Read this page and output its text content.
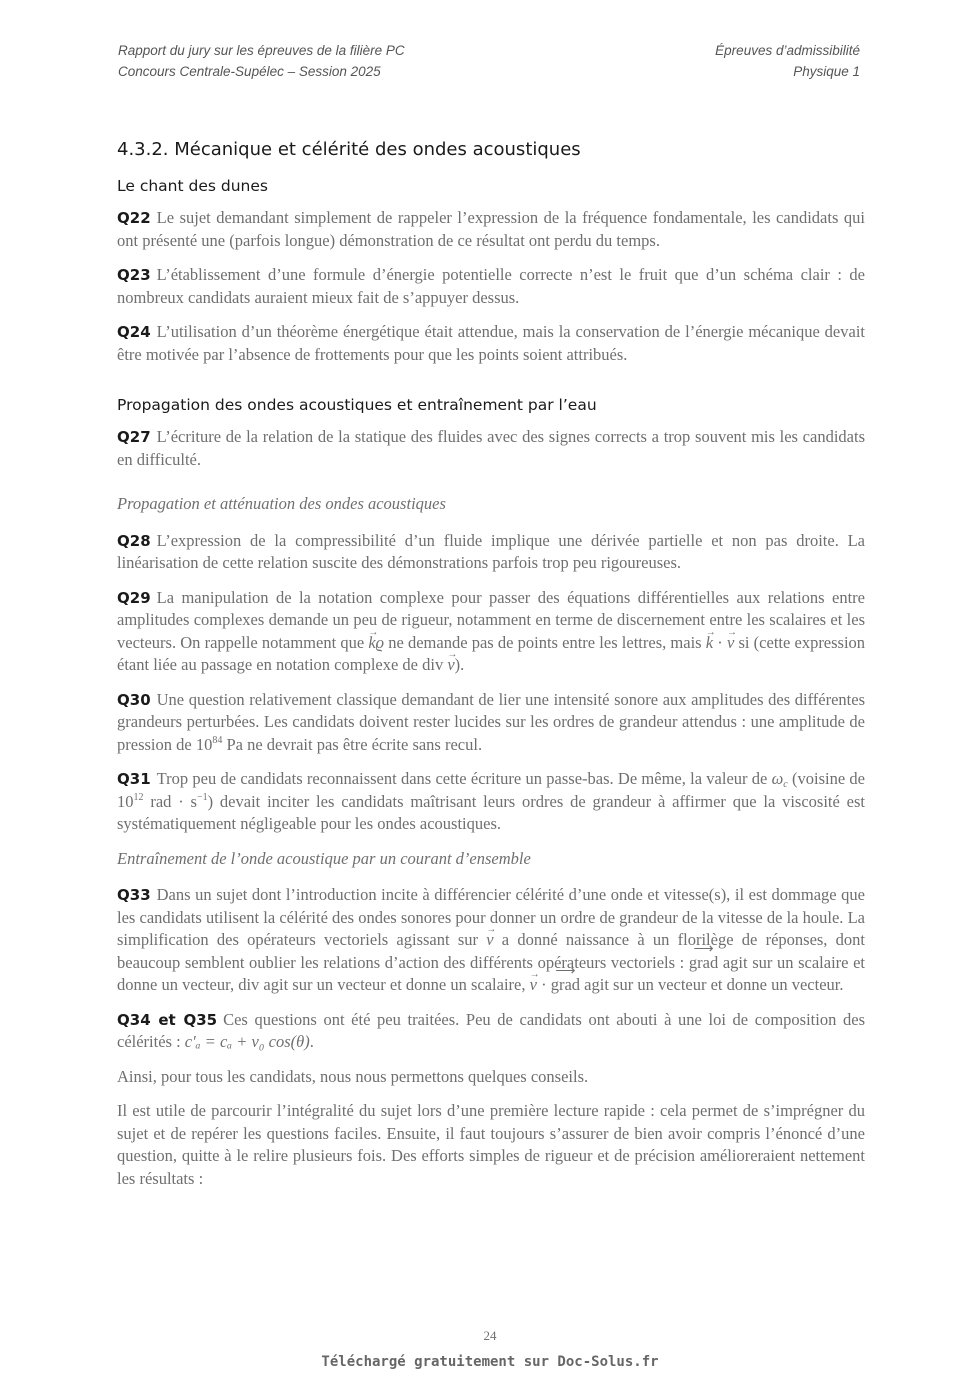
Rapport du jury sur les épreuves de la filière PC
Concours Centrale-Supélec – Session 2025
Épreuves d’admissibilité
Physique 1
4.3.2. Mécanique et célérité des ondes acoustiques
Le chant des dunes

Q22 Le sujet demandant simplement de rappeler l’expression de la fréquence fondamentale, les candidats qui ont présenté une (parfois longue) démonstration de ce résultat ont perdu du temps.

Q23 L’établissement d’une formule d’énergie potentielle correcte n’est le fruit que d’un schéma clair : de nombreux candidats auraient mieux fait de s’appuyer dessus.

Q24 L’utilisation d’un théorème énergétique était attendue, mais la conservation de l’énergie mécanique devait être motivée par l’absence de frottements pour que les points soient attribués.

Propagation des ondes acoustiques et entraînement par l’eau

Q27 L’écriture de la relation de la statique des fluides avec des signes corrects a trop souvent mis les candidats en difficulté.

Propagation et atténuation des ondes acoustiques

Q28 L’expression de la compressibilité d’un fluide implique une dérivée partielle et non pas droite. La linéarisation de cette relation suscite des démonstrations parfois trop peu rigoureuses.

Q29 La manipulation de la notation complexe pour passer des équations différentielles aux relations entre amplitudes complexes demande un peu de rigueur, notamment en terme de discernement entre les scalaires et les vecteurs. On rappelle notamment que → kϱ ne demande pas de points entre les lettres, mais → k · → v si (cette expression étant liée au passage en notation complexe de div → v).

Q30 Une question relativement classique demandant de lier une intensité sonore aux amplitudes des différentes grandeurs perturbées. Les candidats doivent rester lucides sur les ordres de grandeur attendus : une amplitude de pression de $10^{84}$ Pa ne devrait pas être écrite sans recul.

Q31 Trop peu de candidats reconnaissent dans cette écriture un passe-bas. De même, la valeur de $\omega_c$ (voisine de $10^{12}$ rad · $s^{-1}$) devait inciter les candidats maîtrisant leurs ordres de grandeur à affirmer que la viscosité est systématiquement négligeable pour les ondes acoustiques.

Entraînement de l’onde acoustique par un courant d’ensemble

Q33 Dans un sujet dont l’introduction incite à différencier célérité d’une onde et vitesse(s), il est dommage que les candidats utilisent la célérité des ondes sonores pour donner un ordre de grandeur de la vitesse de la houle. La simplification des opérateurs vectoriels agissant sur → v a donné naissance à un florilège de réponses, dont beaucoup semblent oublier les relations d’action des différents opérateurs vectoriels : ⟶ grad agit sur un scalaire et donne un vecteur, div agit sur un vecteur et donne un scalaire, → v · ⟶ grad agit sur un vecteur et donne un vecteur.

Q34 et Q35 Ces questions ont été peu traitées. Peu de candidats ont abouti à une loi de composition des célérités : c′ₐ = cₐ + v₀ cos(θ).

Ainsi, pour tous les candidats, nous nous permettons quelques conseils.

Il est utile de parcourir l’intégralité du sujet lors d’une première lecture rapide : cela permet de s’imprégner du sujet et de repérer les questions faciles. Ensuite, il faut toujours s’assurer de bien avoir compris l’énoncé d’une question, quitte à le relire plusieurs fois. Des efforts simples de rigueur et de précision amélioreraient nettement les résultats :

24
Téléchargé gratuitement sur Doc-Solus.fr
